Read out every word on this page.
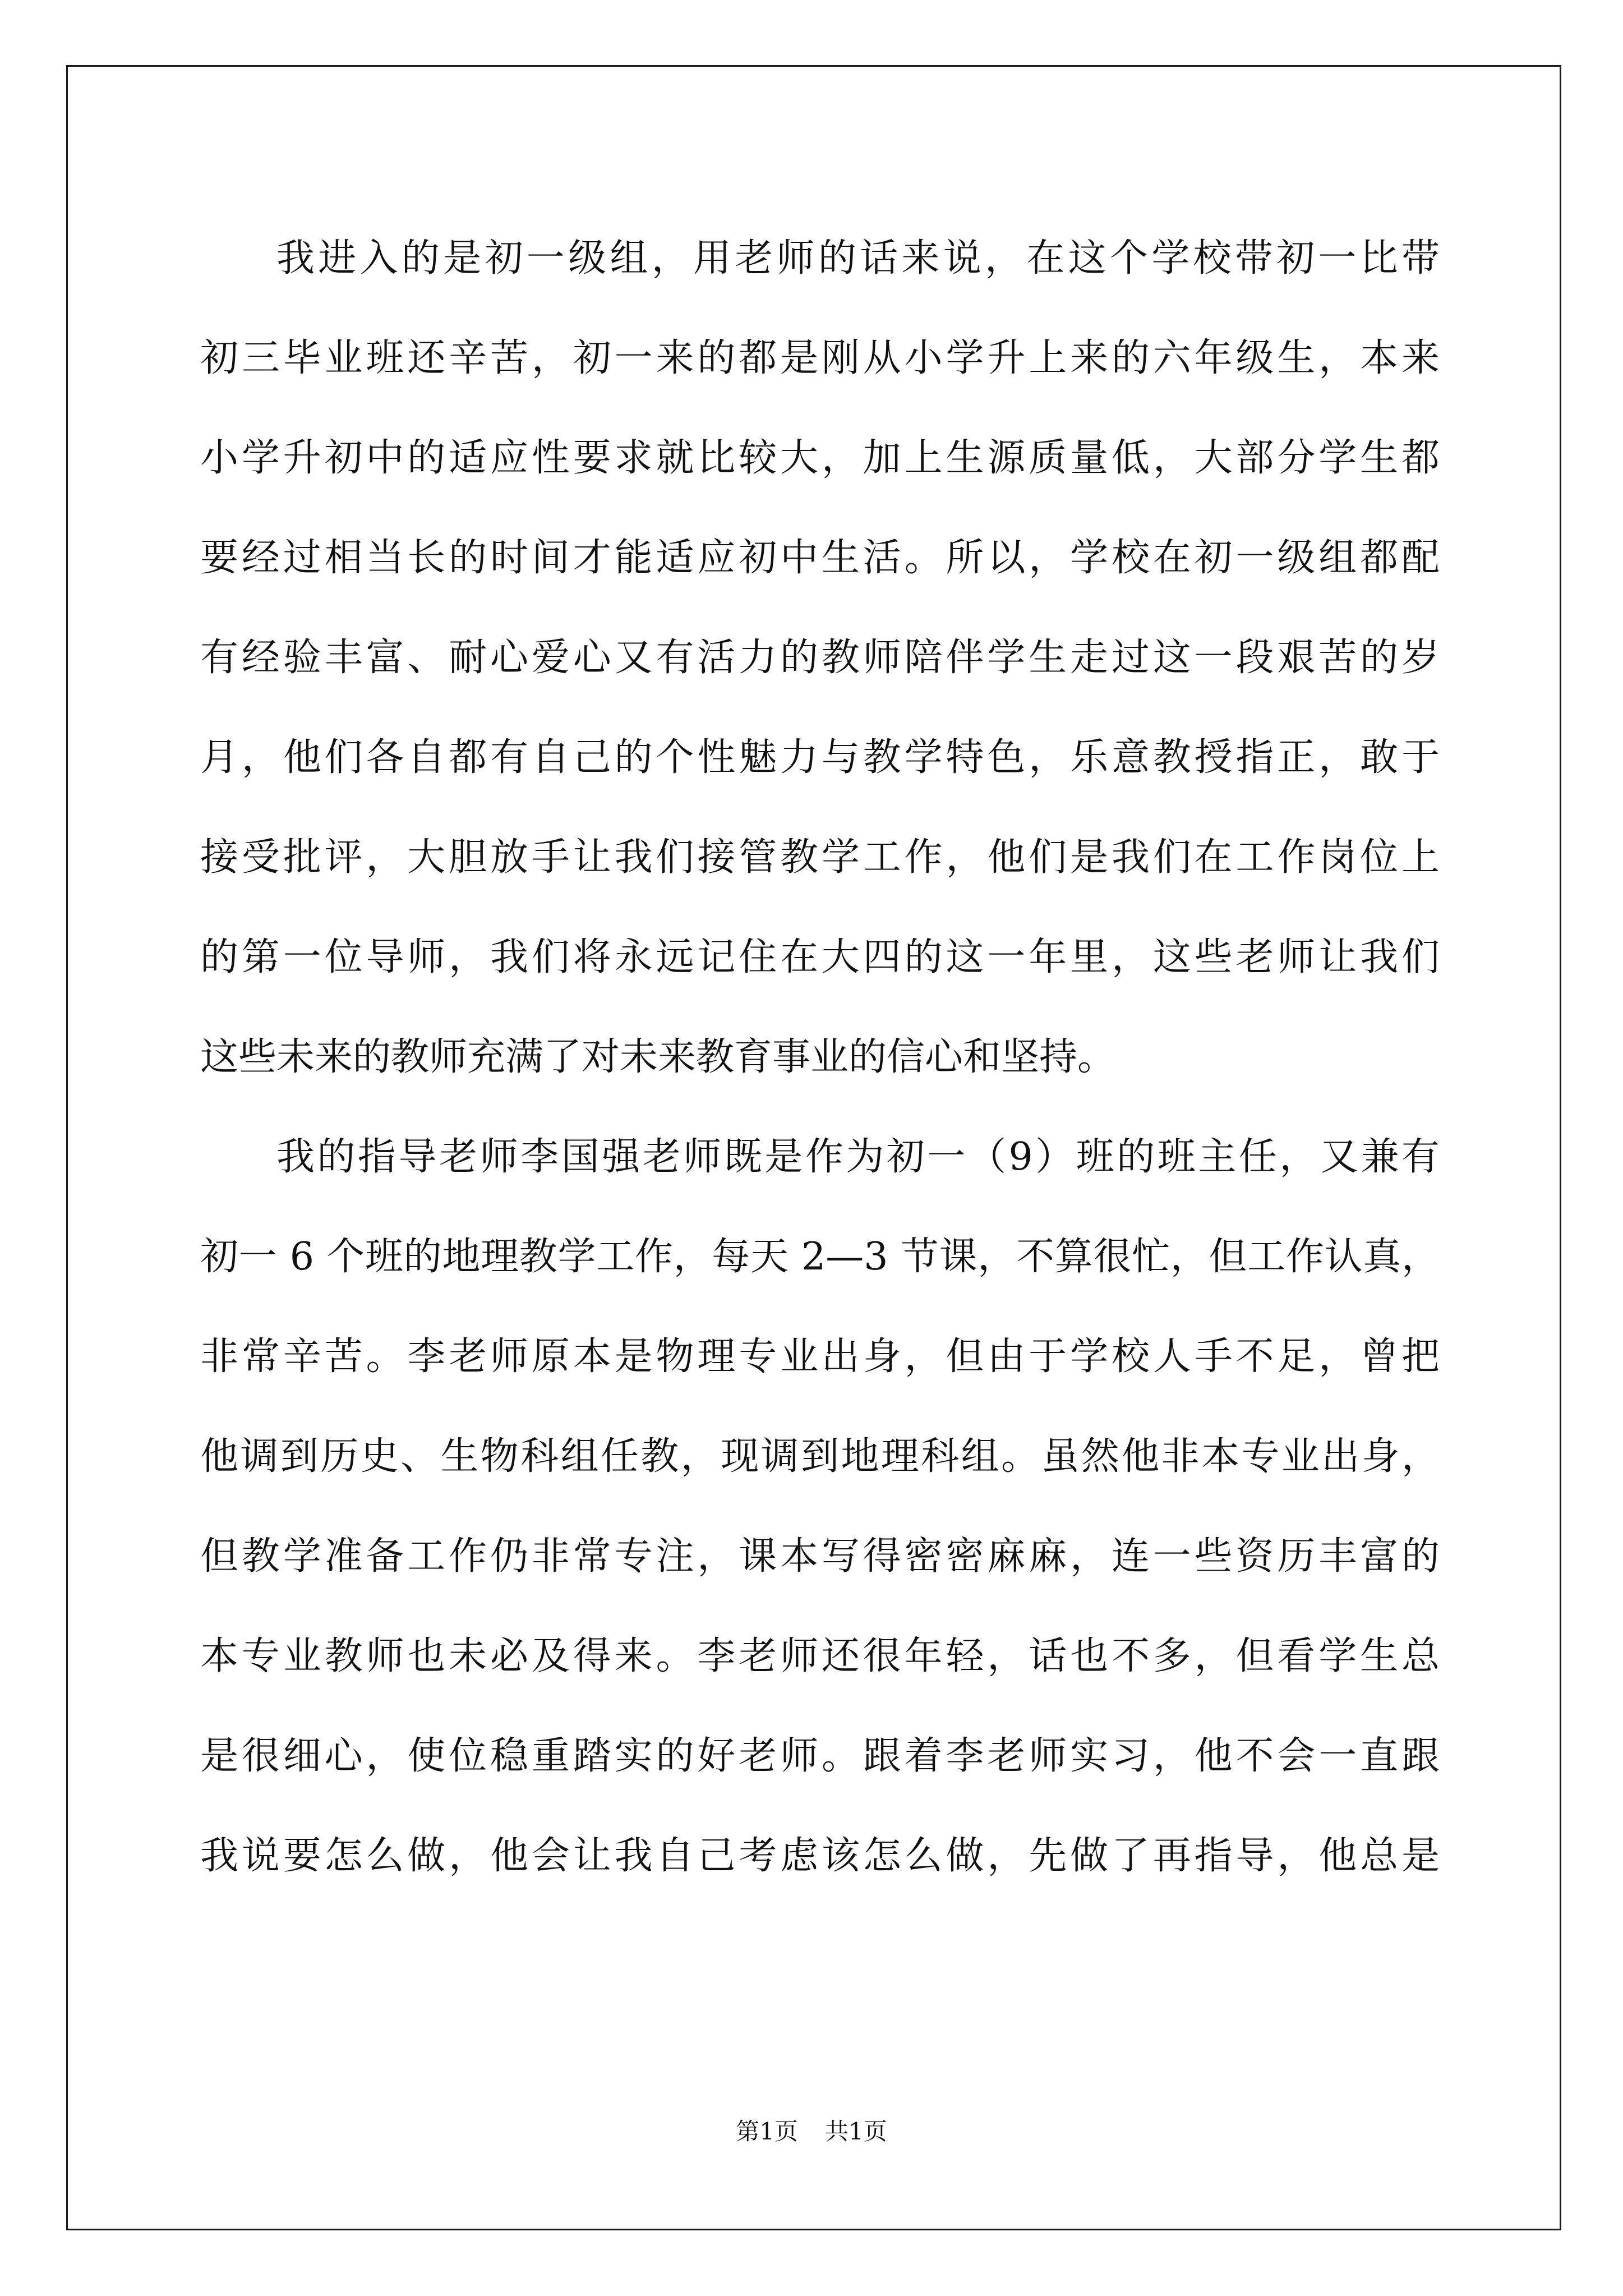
我进入的是初一级组，用老师的话来说，在这个学校带初一比带
初三毕业班还辛苦，初一来的都是刚从小学升上来的六年级生，本来
小学升初中的适应性要求就比较大，加上生源质量低，大部分学生都
要经过相当长的时间才能适应初中生活。所以，学校在初一级组都配
有经验丰富、耐心爱心又有活力的教师陪伴学生走过这一段艰苦的岁
月，他们各自都有自己的个性魅力与教学特色，乐意教授指正，敢于
接受批评，大胆放手让我们接管教学工作，他们是我们在工作岗位上
的第一位导师，我们将永远记住在大四的这一年里，这些老师让我们
这些未来的教师充满了对未来教育事业的信心和坚持。
我的指导老师李国强老师既是作为初一（9）班的班主任，又兼有
初一 6 个班的地理教学工作，每天 2—3 节课，不算很忙，但工作认真，
非常辛苦。李老师原本是物理专业出身，但由于学校人手不足，曾把
他调到历史、生物科组任教，现调到地理科组。虽然他非本专业出身，
但教学准备工作仍非常专注，课本写得密密麻麻，连一些资历丰富的
本专业教师也未必及得来。李老师还很年轻，话也不多，但看学生总
是很细心，使位稳重踏实的好老师。跟着李老师实习，他不会一直跟
我说要怎么做，他会让我自己考虑该怎么做，先做了再指导，他总是
第1页 共1页
